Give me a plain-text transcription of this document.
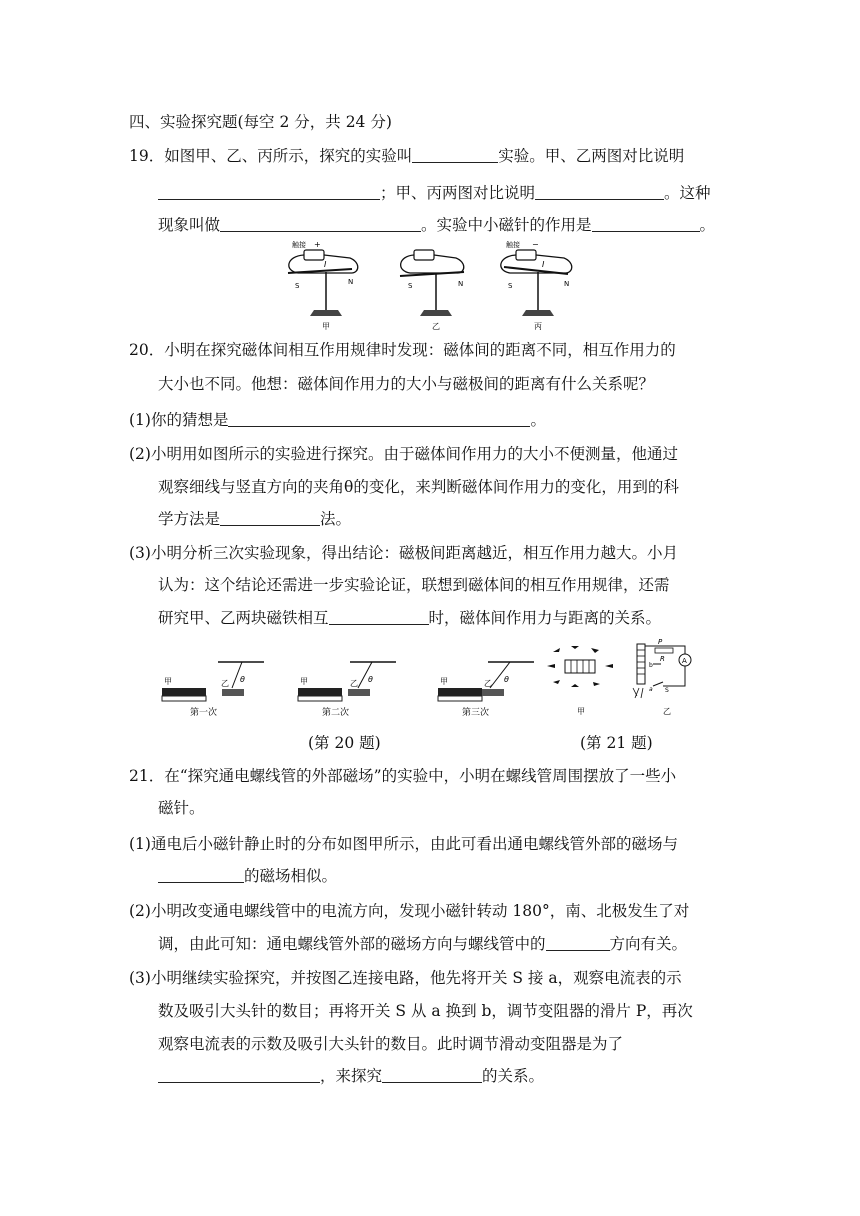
四、实验探究题(每空 2 分，共 24 分)
19．如图甲、乙、丙所示，探究的实验叫	实验。甲、乙两图对比说明
；甲、丙两图对比说明	。这种
现象叫做	。实验中小磁针的作用是	。
触接 +
I
S	N
甲
S	N
乙
触接 −
I
S	N
丙
20．小明在探究磁体间相互作用规律时发现：磁体间的距离不同，相互作用力的
大小也不同。他想：磁体间作用力的大小与磁极间的距离有什么关系呢？
(1)你的猜想是	。
(2)小明用如图所示的实验进行探究。由于磁体间作用力的大小不便测量，他通过
观察细线与竖直方向的夹角θ的变化，来判断磁体间作用力的变化，用到的科
学方法是	法。
(3)小明分析三次实验现象，得出结论：磁极间距离越近，相互作用力越大。小月
认为：这个结论还需进一步实验论证，联想到磁体间的相互作用规律，还需
研究甲、乙两块磁铁相互	时，磁体间作用力与距离的关系。
甲	乙 θ
第一次
甲	乙 θ
第二次
甲	乙 θ
第三次
(第 20 题)
甲
P
R A
b
a S
乙
(第 21 题)
21．在“探究通电螺线管的外部磁场”的实验中，小明在螺线管周围摆放了一些小
磁针。
(1)通电后小磁针静止时的分布如图甲所示，由此可看出通电螺线管外部的磁场与
的磁场相似。
(2)小明改变通电螺线管中的电流方向，发现小磁针转动 180°，南、北极发生了对
调，由此可知：通电螺线管外部的磁场方向与螺线管中的	方向有关。
(3)小明继续实验探究，并按图乙连接电路，他先将开关 S 接 a，观察电流表的示
数及吸引大头针的数目；再将开关 S 从 a 换到 b，调节变阻器的滑片 P，再次
观察电流表的示数及吸引大头针的数目。此时调节滑动变阻器是为了
，来探究	的关系。
